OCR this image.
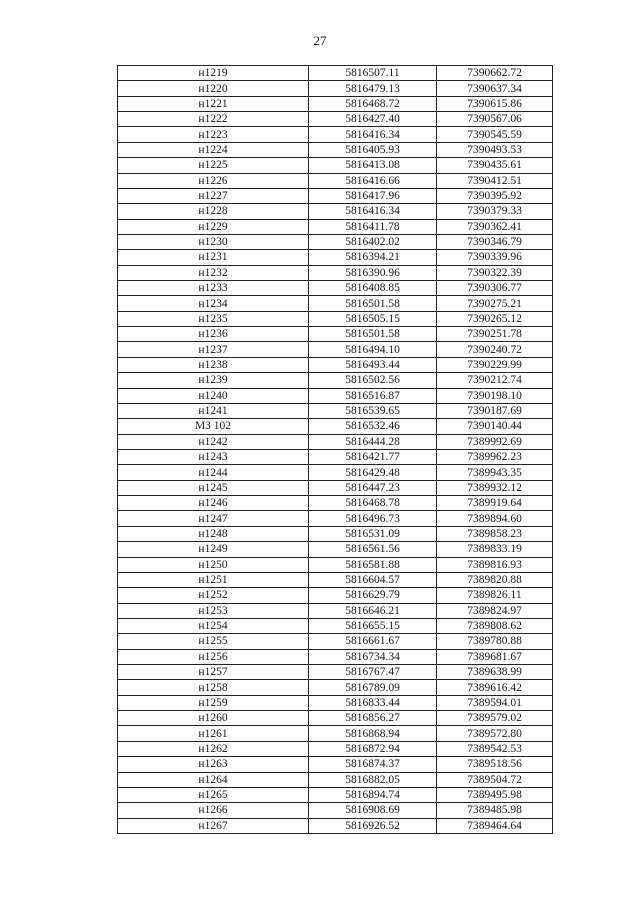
27
н1219	5816507.11	7390662.72
н1220	5816479.13	7390637.34
н1221	5816468.72	7390615.86
н1222	5816427.40	7390567.06
н1223	5816416.34	7390545.59
н1224	5816405.93	7390493.53
н1225	5816413.08	7390435.61
н1226	5816416.66	7390412.51
н1227	5816417.96	7390395.92
н1228	5816416.34	7390379.33
н1229	5816411.78	7390362.41
н1230	5816402.02	7390346.79
н1231	5816394.21	7390339.96
н1232	5816390.96	7390322.39
н1233	5816408.85	7390306.77
н1234	5816501.58	7390275.21
н1235	5816505.15	7390265.12
н1236	5816501.58	7390251.78
н1237	5816494.10	7390240.72
н1238	5816493.44	7390229.99
н1239	5816502.56	7390212.74
н1240	5816516.87	7390198.10
н1241	5816539.65	7390187.69
МЗ 102	5816532.46	7390140.44
н1242	5816444.28	7389992.69
н1243	5816421.77	7389962.23
н1244	5816429.48	7389943.35
н1245	5816447.23	7389932.12
н1246	5816468.78	7389919.64
н1247	5816496.73	7389894.60
н1248	5816531.09	7389858.23
н1249	5816561.56	7389833.19
н1250	5816581.88	7389816.93
н1251	5816604.57	7389820.88
н1252	5816629.79	7389826.11
н1253	5816646.21	7389824.97
н1254	5816655.15	7389808.62
н1255	5816661.67	7389780.88
н1256	5816734.34	7389681.67
н1257	5816767.47	7389638.99
н1258	5816789.09	7389616.42
н1259	5816833.44	7389594.01
н1260	5816856.27	7389579.02
н1261	5816868.94	7389572.80
н1262	5816872.94	7389542.53
н1263	5816874.37	7389518.56
н1264	5816882.05	7389504.72
н1265	5816894.74	7389495.98
н1266	5816908.69	7389485.98
н1267	5816926.52	7389464.64
